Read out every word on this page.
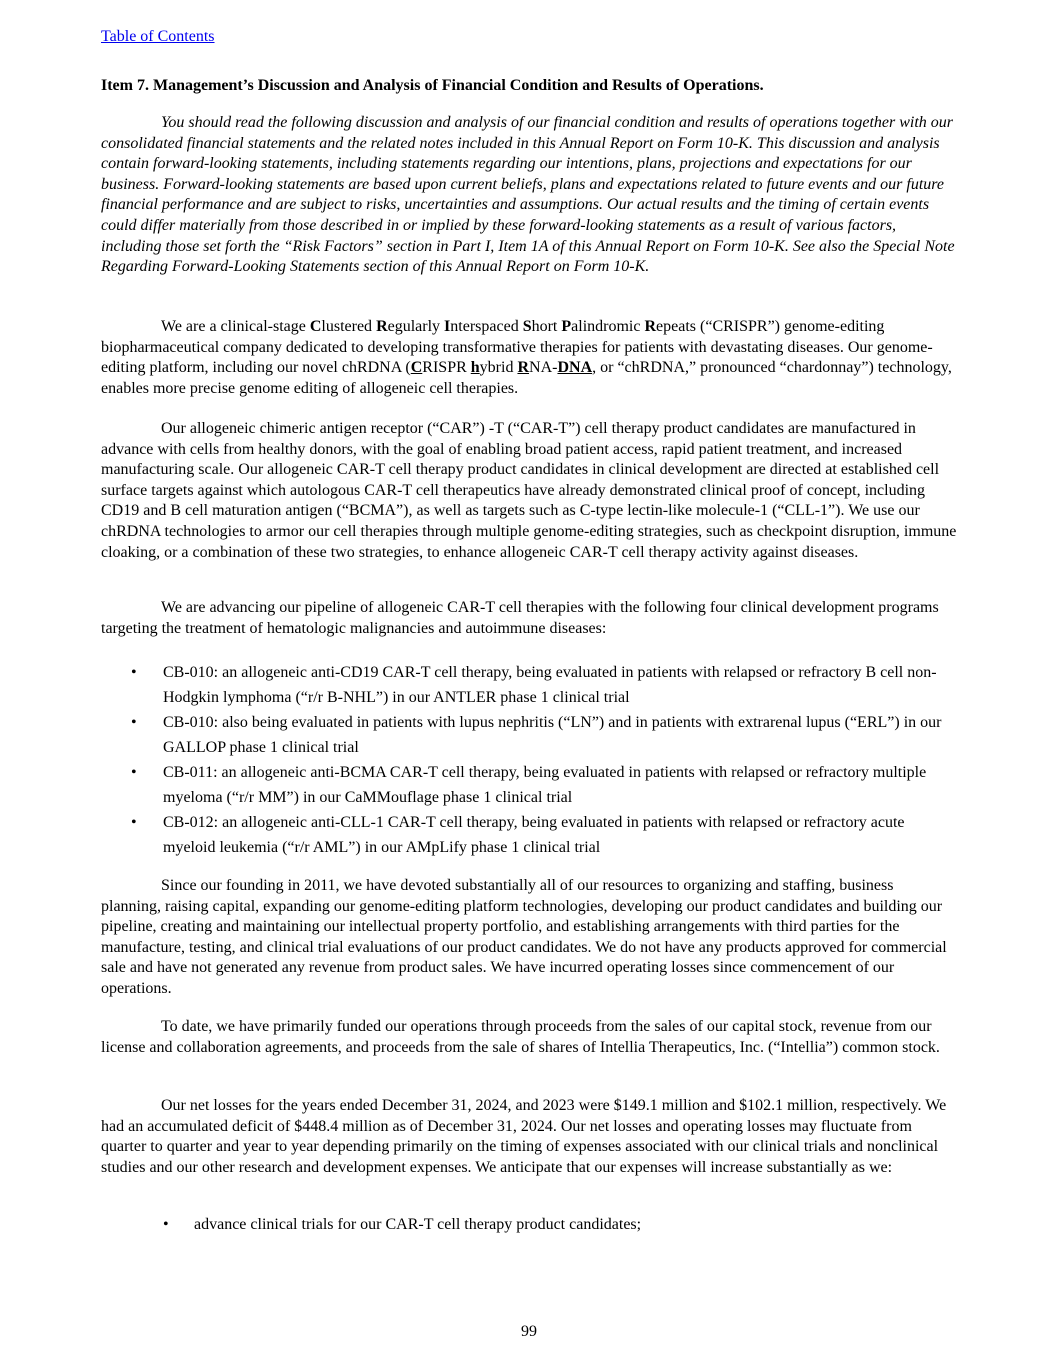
Table of Contents
Item 7. Management’s Discussion and Analysis of Financial Condition and Results of Operations.

You should read the following discussion and analysis of our financial condition and results of operations together with our consolidated financial statements and the related notes included in this Annual Report on Form 10-K. This discussion and analysis contain forward-looking statements, including statements regarding our intentions, plans, projections and expectations for our business. Forward-looking statements are based upon current beliefs, plans and expectations related to future events and our future financial performance and are subject to risks, uncertainties and assumptions. Our actual results and the timing of certain events could differ materially from those described in or implied by these forward-looking statements as a result of various factors, including those set forth the “Risk Factors” section in Part I, Item 1A of this Annual Report on Form 10-K. See also the Special Note Regarding Forward-Looking Statements section of this Annual Report on Form 10-K.

We are a clinical-stage Clustered Regularly Interspaced Short Palindromic Repeats (“CRISPR”) genome-editing biopharmaceutical company dedicated to developing transformative therapies for patients with devastating diseases. Our genome-editing platform, including our novel chRDNA (CRISPR hybrid RNA-DNA, or “chRDNA,” pronounced “chardonnay”) technology, enables more precise genome editing of allogeneic cell therapies.

Our allogeneic chimeric antigen receptor (“CAR”) -T (“CAR-T”) cell therapy product candidates are manufactured in advance with cells from healthy donors, with the goal of enabling broad patient access, rapid patient treatment, and increased manufacturing scale. Our allogeneic CAR-T cell therapy product candidates in clinical development are directed at established cell surface targets against which autologous CAR-T cell therapeutics have already demonstrated clinical proof of concept, including CD19 and B cell maturation antigen (“BCMA”), as well as targets such as C-type lectin-like molecule-1 (“CLL-1”). We use our chRDNA technologies to armor our cell therapies through multiple genome-editing strategies, such as checkpoint disruption, immune cloaking, or a combination of these two strategies, to enhance allogeneic CAR-T cell therapy activity against diseases.

We are advancing our pipeline of allogeneic CAR-T cell therapies with the following four clinical development programs targeting the treatment of hematologic malignancies and autoimmune diseases:

• CB-010: an allogeneic anti-CD19 CAR-T cell therapy, being evaluated in patients with relapsed or refractory B cell non-Hodgkin lymphoma (“r/r B-NHL”) in our ANTLER phase 1 clinical trial
• CB-010: also being evaluated in patients with lupus nephritis (“LN”) and in patients with extrarenal lupus (“ERL”) in our GALLOP phase 1 clinical trial
• CB-011: an allogeneic anti-BCMA CAR-T cell therapy, being evaluated in patients with relapsed or refractory multiple myeloma (“r/r MM”) in our CaMMouflage phase 1 clinical trial
• CB-012: an allogeneic anti-CLL-1 CAR-T cell therapy, being evaluated in patients with relapsed or refractory acute myeloid leukemia (“r/r AML”) in our AMpLify phase 1 clinical trial

Since our founding in 2011, we have devoted substantially all of our resources to organizing and staffing, business planning, raising capital, expanding our genome-editing platform technologies, developing our product candidates and building our pipeline, creating and maintaining our intellectual property portfolio, and establishing arrangements with third parties for the manufacture, testing, and clinical trial evaluations of our product candidates. We do not have any products approved for commercial sale and have not generated any revenue from product sales. We have incurred operating losses since commencement of our operations.

To date, we have primarily funded our operations through proceeds from the sales of our capital stock, revenue from our license and collaboration agreements, and proceeds from the sale of shares of Intellia Therapeutics, Inc. (“Intellia”) common stock.

Our net losses for the years ended December 31, 2024, and 2023 were $149.1 million and $102.1 million, respectively. We had an accumulated deficit of $448.4 million as of December 31, 2024. Our net losses and operating losses may fluctuate from quarter to quarter and year to year depending primarily on the timing of expenses associated with our clinical trials and nonclinical studies and our other research and development expenses. We anticipate that our expenses will increase substantially as we:

• advance clinical trials for our CAR-T cell therapy product candidates;
99
